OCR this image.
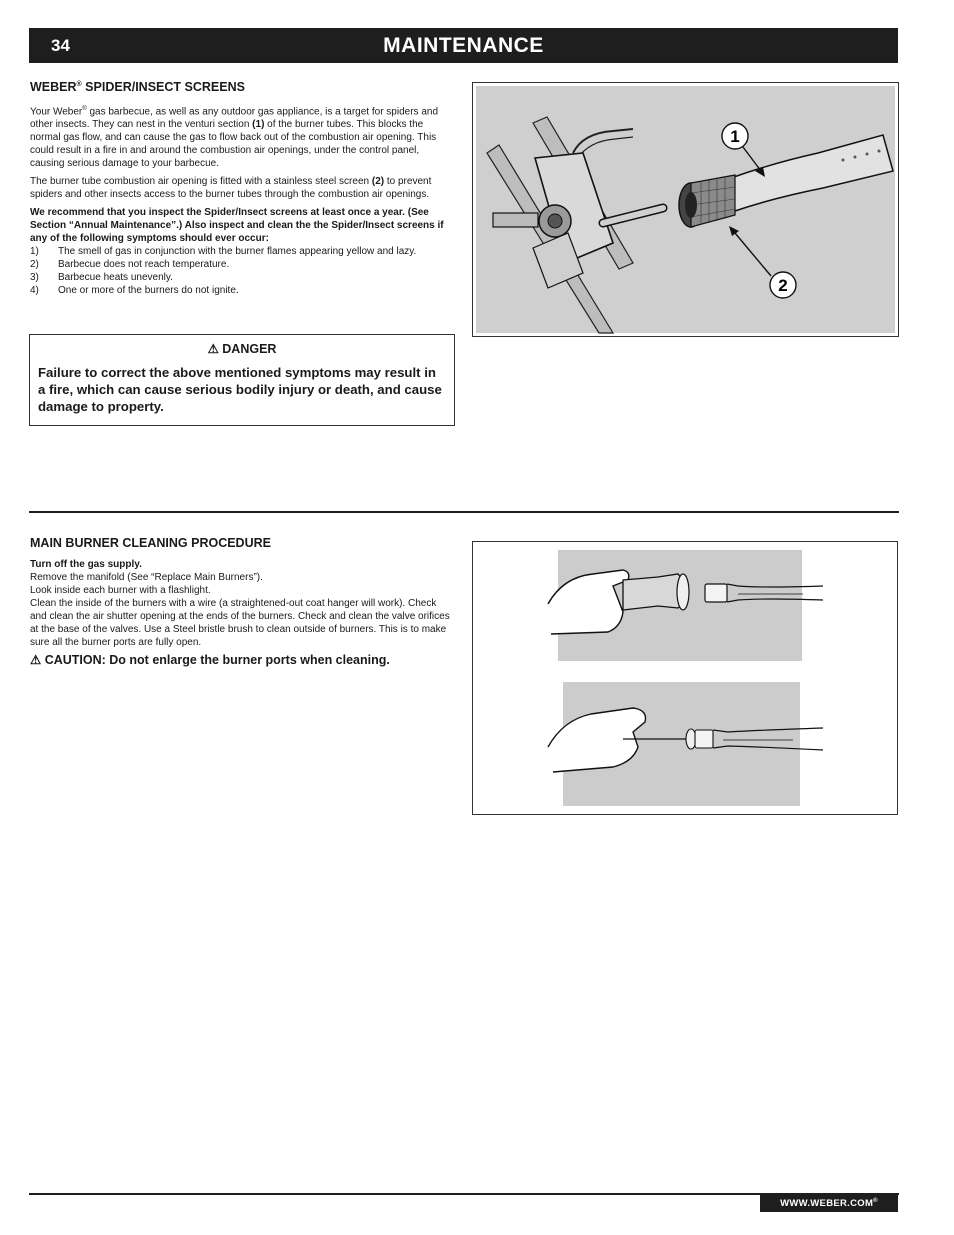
34	MAINTENANCE
WEBER® SPIDER/INSECT SCREENS

Your Weber® gas barbecue, as well as any outdoor gas appliance, is a target for spiders and other insects. They can nest in the venturi section (1) of the burner tubes. This blocks the normal gas flow, and can cause the gas to flow back out of the combustion air opening. This could result in a fire in and around the combustion air openings, under the control panel, causing serious damage to your barbecue.

The burner tube combustion air opening is fitted with a stainless steel screen (2) to prevent spiders and other insects access to the burner tubes through the combustion air openings.

We recommend that you inspect the Spider/Insect screens at least once a year. (See Section “Annual Maintenance”.) Also inspect and clean the the Spider/Insect screens if any of the following symptoms should ever occur:

1)	The smell of gas in conjunction with the burner flames appearing yellow and lazy.
2)	Barbecue does not reach temperature.
3)	Barbecue heats unevenly.
4)	One or more of the burners do not ignite.
⚠ DANGER
Failure to correct the above mentioned symptoms may result in a fire, which can cause serious bodily injury or death, and cause damage to property.
1
2
MAIN BURNER CLEANING PROCEDURE
Turn off the gas supply.
Remove the manifold (See “Replace Main Burners”).
Look inside each burner with a flashlight.
Clean the inside of the burners with a wire (a straightened-out coat hanger will work). Check and clean the air shutter opening at the ends of the burners. Check and clean the valve orifices at the base of the valves. Use a Steel bristle brush to clean outside of burners. This is to make sure all the burner ports are fully open.
⚠ CAUTION: Do not enlarge the burner ports when cleaning.
WWW.WEBER.COM®
